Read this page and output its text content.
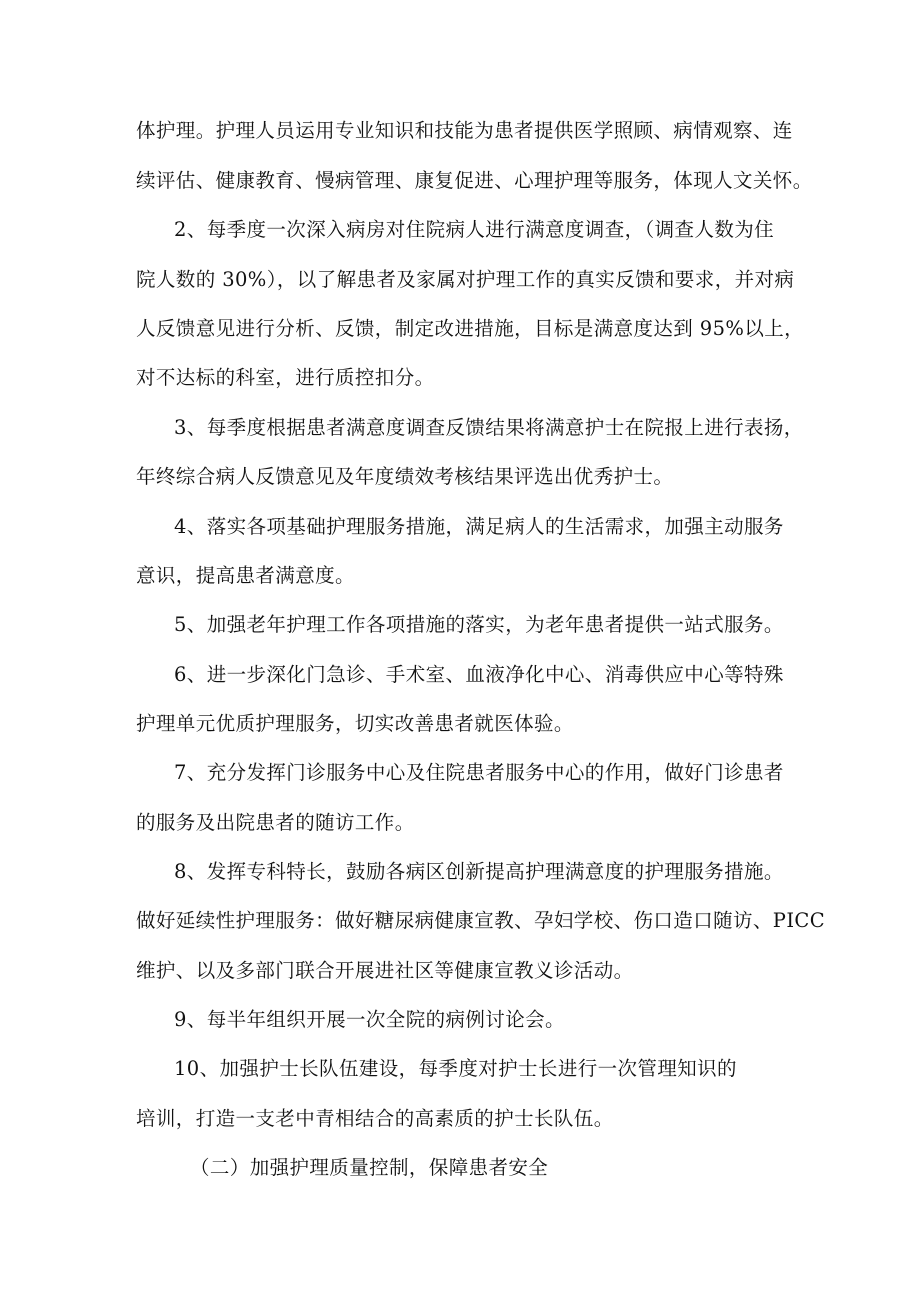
体护理。护理人员运用专业知识和技能为患者提供医学照顾、病情观察、连
续评估、健康教育、慢病管理、康复促进、心理护理等服务，体现人文关怀。
2、每季度一次深入病房对住院病人进行满意度调查，（调查人数为住
院人数的 30%），以了解患者及家属对护理工作的真实反馈和要求，并对病
人反馈意见进行分析、反馈，制定改进措施，目标是满意度达到 95%以上，
对不达标的科室，进行质控扣分。
3、每季度根据患者满意度调查反馈结果将满意护士在院报上进行表扬，
年终综合病人反馈意见及年度绩效考核结果评选出优秀护士。
4、落实各项基础护理服务措施，满足病人的生活需求，加强主动服务
意识，提高患者满意度。
5、加强老年护理工作各项措施的落实，为老年患者提供一站式服务。
6、进一步深化门急诊、手术室、血液净化中心、消毒供应中心等特殊
护理单元优质护理服务，切实改善患者就医体验。
7、充分发挥门诊服务中心及住院患者服务中心的作用，做好门诊患者
的服务及出院患者的随访工作。
8、发挥专科特长，鼓励各病区创新提高护理满意度的护理服务措施。
做好延续性护理服务：做好糖尿病健康宣教、孕妇学校、伤口造口随访、PICC
维护、以及多部门联合开展进社区等健康宣教义诊活动。
9、每半年组织开展一次全院的病例讨论会。
10、加强护士长队伍建设，每季度对护士长进行一次管理知识的
培训，打造一支老中青相结合的高素质的护士长队伍。
（二）加强护理质量控制，保障患者安全
